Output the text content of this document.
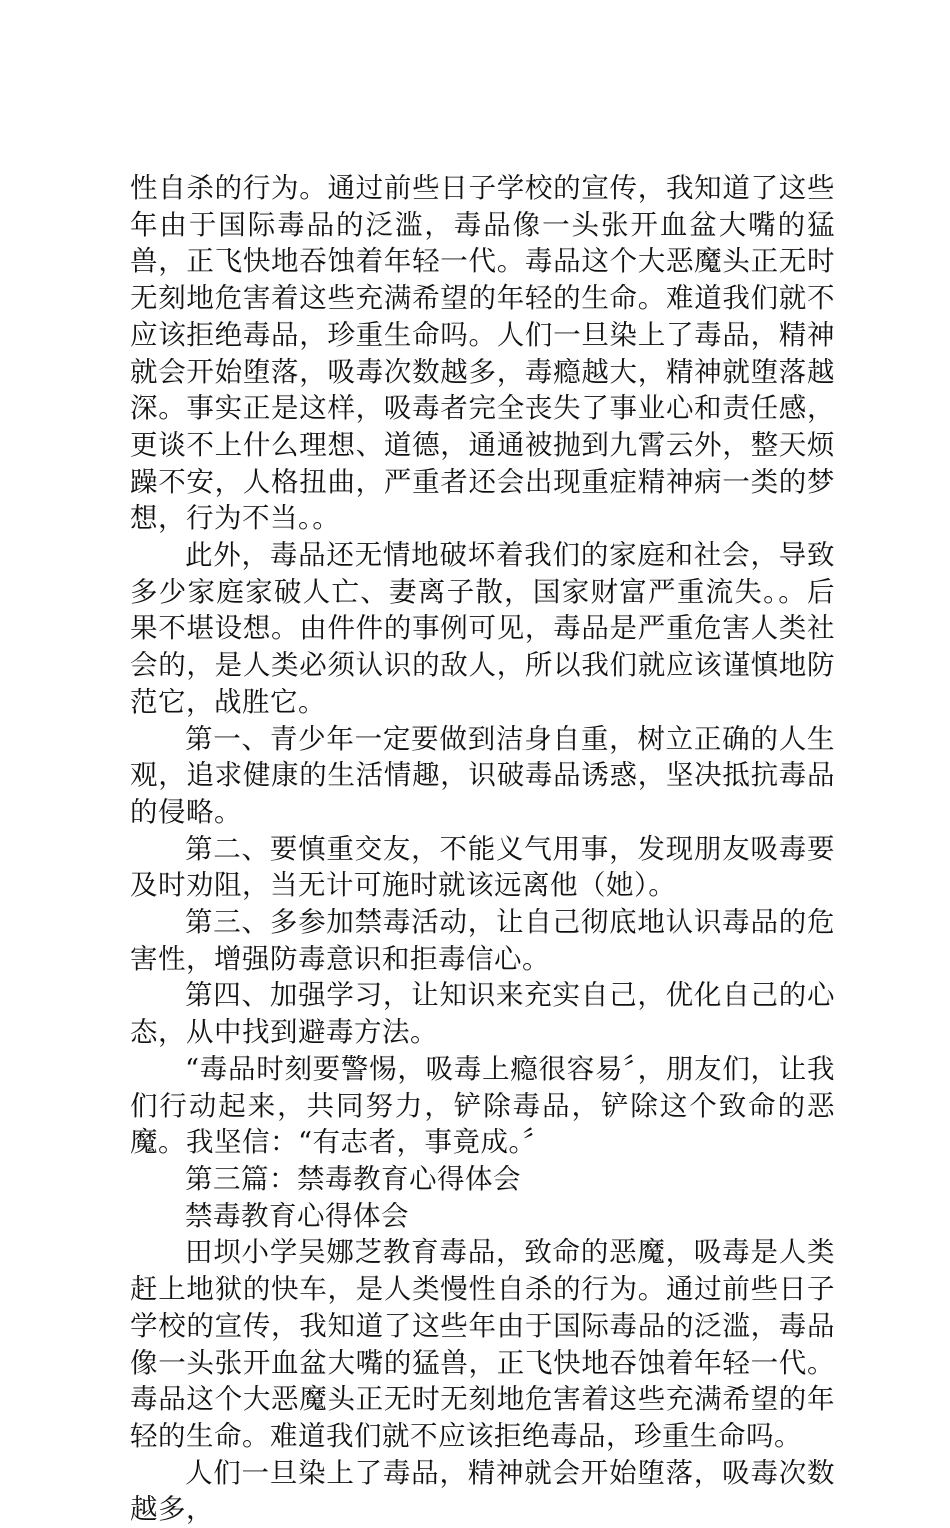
性自杀的行为。通过前些日子学校的宣传，我知道了这些年由于国际毒品的泛滥，毒品像一头张开血盆大嘴的猛兽，正飞快地吞蚀着年轻一代。毒品这个大恶魔头正无时无刻地危害着这些充满希望的年轻的生命。难道我们就不应该拒绝毒品，珍重生命吗。人们一旦染上了毒品，精神就会开始堕落，吸毒次数越多，毒瘾越大，精神就堕落越深。事实正是这样，吸毒者完全丧失了事业心和责任感，更谈不上什么理想、道德，通通被抛到九霄云外，整天烦躁不安，人格扭曲，严重者还会出现重症精神病一类的梦想，行为不当。。

此外，毒品还无情地破坏着我们的家庭和社会，导致多少家庭家破人亡、妻离子散，国家财富严重流失。。后果不堪设想。由件件的事例可见，毒品是严重危害人类社会的，是人类必须认识的敌人，所以我们就应该谨慎地防范它，战胜它。

第一、青少年一定要做到洁身自重，树立正确的人生观，追求健康的生活情趣，识破毒品诱惑，坚决抵抗毒品的侵略。

第二、要慎重交友，不能义气用事，发现朋友吸毒要及时劝阻，当无计可施时就该远离他（她）。

第三、多参加禁毒活动，让自己彻底地认识毒品的危害性，增强防毒意识和拒毒信心。

第四、加强学习，让知识来充实自己，优化自己的心态，从中找到避毒方法。

“毒品时刻要警惕，吸毒上瘾很容易〞，朋友们，让我们行动起来，共同努力，铲除毒品，铲除这个致命的恶魔。我坚信：“有志者，事竟成。〞

第三篇：禁毒教育心得体会

禁毒教育心得体会

田坝小学吴娜芝教育毒品，致命的恶魔，吸毒是人类赶上地狱的快车，是人类慢性自杀的行为。通过前些日子学校的宣传，我知道了这些年由于国际毒品的泛滥，毒品像一头张开血盆大嘴的猛兽，正飞快地吞蚀着年轻一代。毒品这个大恶魔头正无时无刻地危害着这些充满希望的年轻的生命。难道我们就不应该拒绝毒品，珍重生命吗。

人们一旦染上了毒品，精神就会开始堕落，吸毒次数越多，
